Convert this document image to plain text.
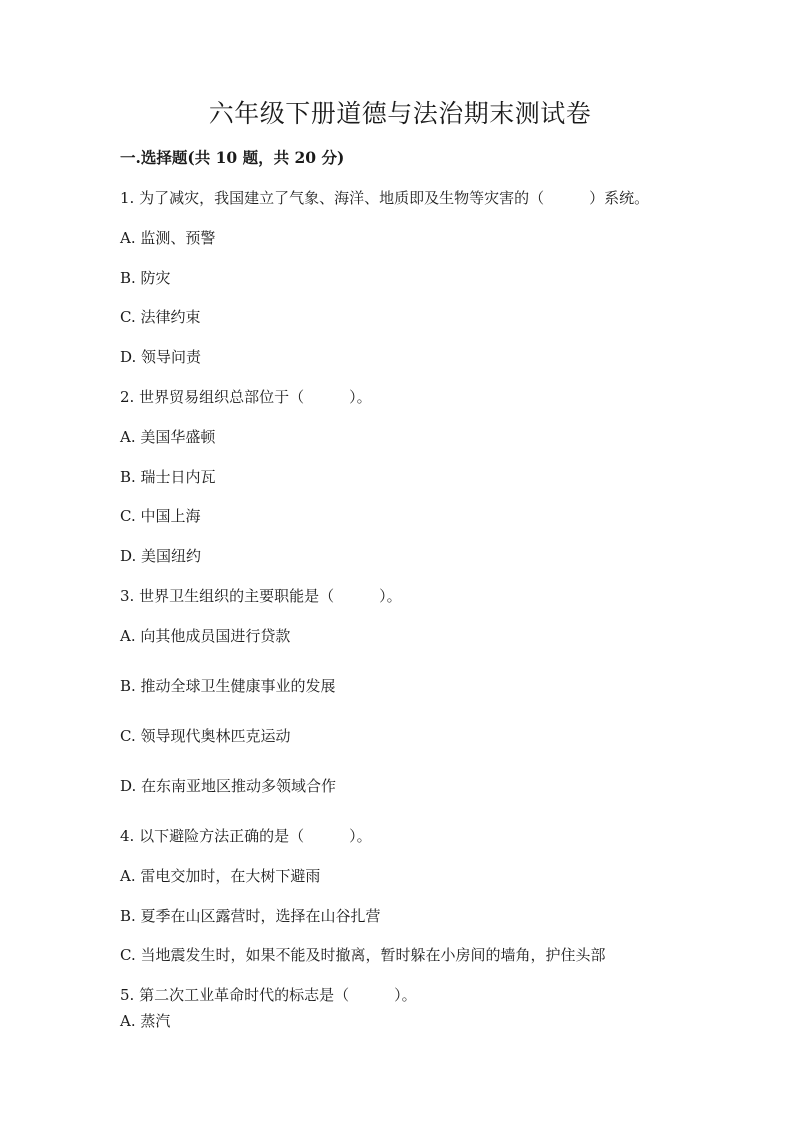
六年级下册道德与法治期末测试卷
一.选择题(共 10 题，共 20 分)
1. 为了减灾，我国建立了气象、海洋、地质即及生物等灾害的（　　　）系统。
A. 监测、预警
B. 防灾
C. 法律约束
D. 领导问责
2. 世界贸易组织总部位于（　　　）。
A. 美国华盛顿
B. 瑞士日内瓦
C. 中国上海
D. 美国纽约
3. 世界卫生组织的主要职能是（　　　）。
A. 向其他成员国进行贷款
B. 推动全球卫生健康事业的发展
C. 领导现代奥林匹克运动
D. 在东南亚地区推动多领域合作
4. 以下避险方法正确的是（　　　）。
A. 雷电交加时，在大树下避雨
B. 夏季在山区露营时，选择在山谷扎营
C. 当地震发生时，如果不能及时撤离，暂时躲在小房间的墙角，护住头部
5. 第二次工业革命时代的标志是（　　　）。
A. 蒸汽
